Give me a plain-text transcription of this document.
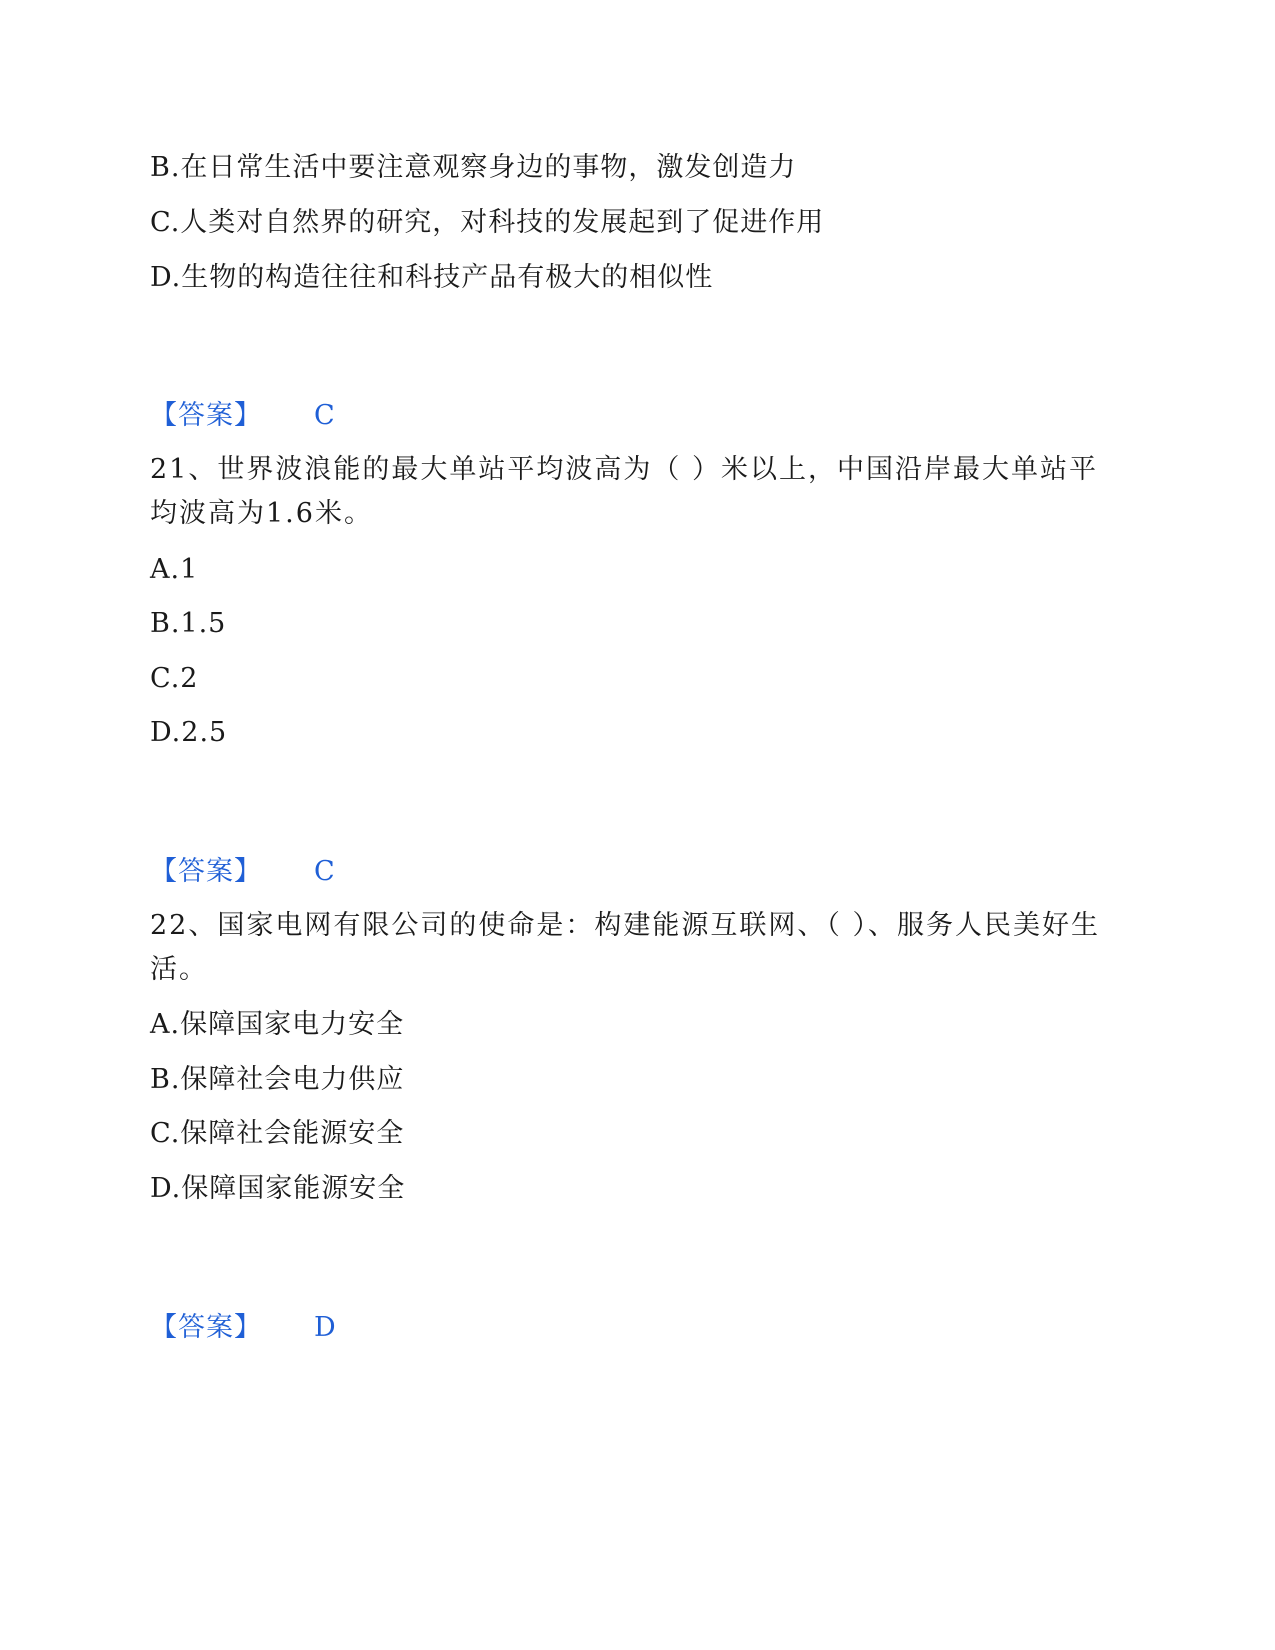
B.在日常生活中要注意观察身边的事物，激发创造力
C.人类对自然界的研究，对科技的发展起到了促进作用
D.生物的构造往往和科技产品有极大的相似性
【答案】 C
21、世界波浪能的最大单站平均波高为（ ）米以上，中国沿岸最大单站平均波高为1.6米。
A.1
B.1.5
C.2
D.2.5
【答案】 C
22、国家电网有限公司的使命是：构建能源互联网、（ ）、服务人民美好生活。
A.保障国家电力安全
B.保障社会电力供应
C.保障社会能源安全
D.保障国家能源安全
【答案】 D
